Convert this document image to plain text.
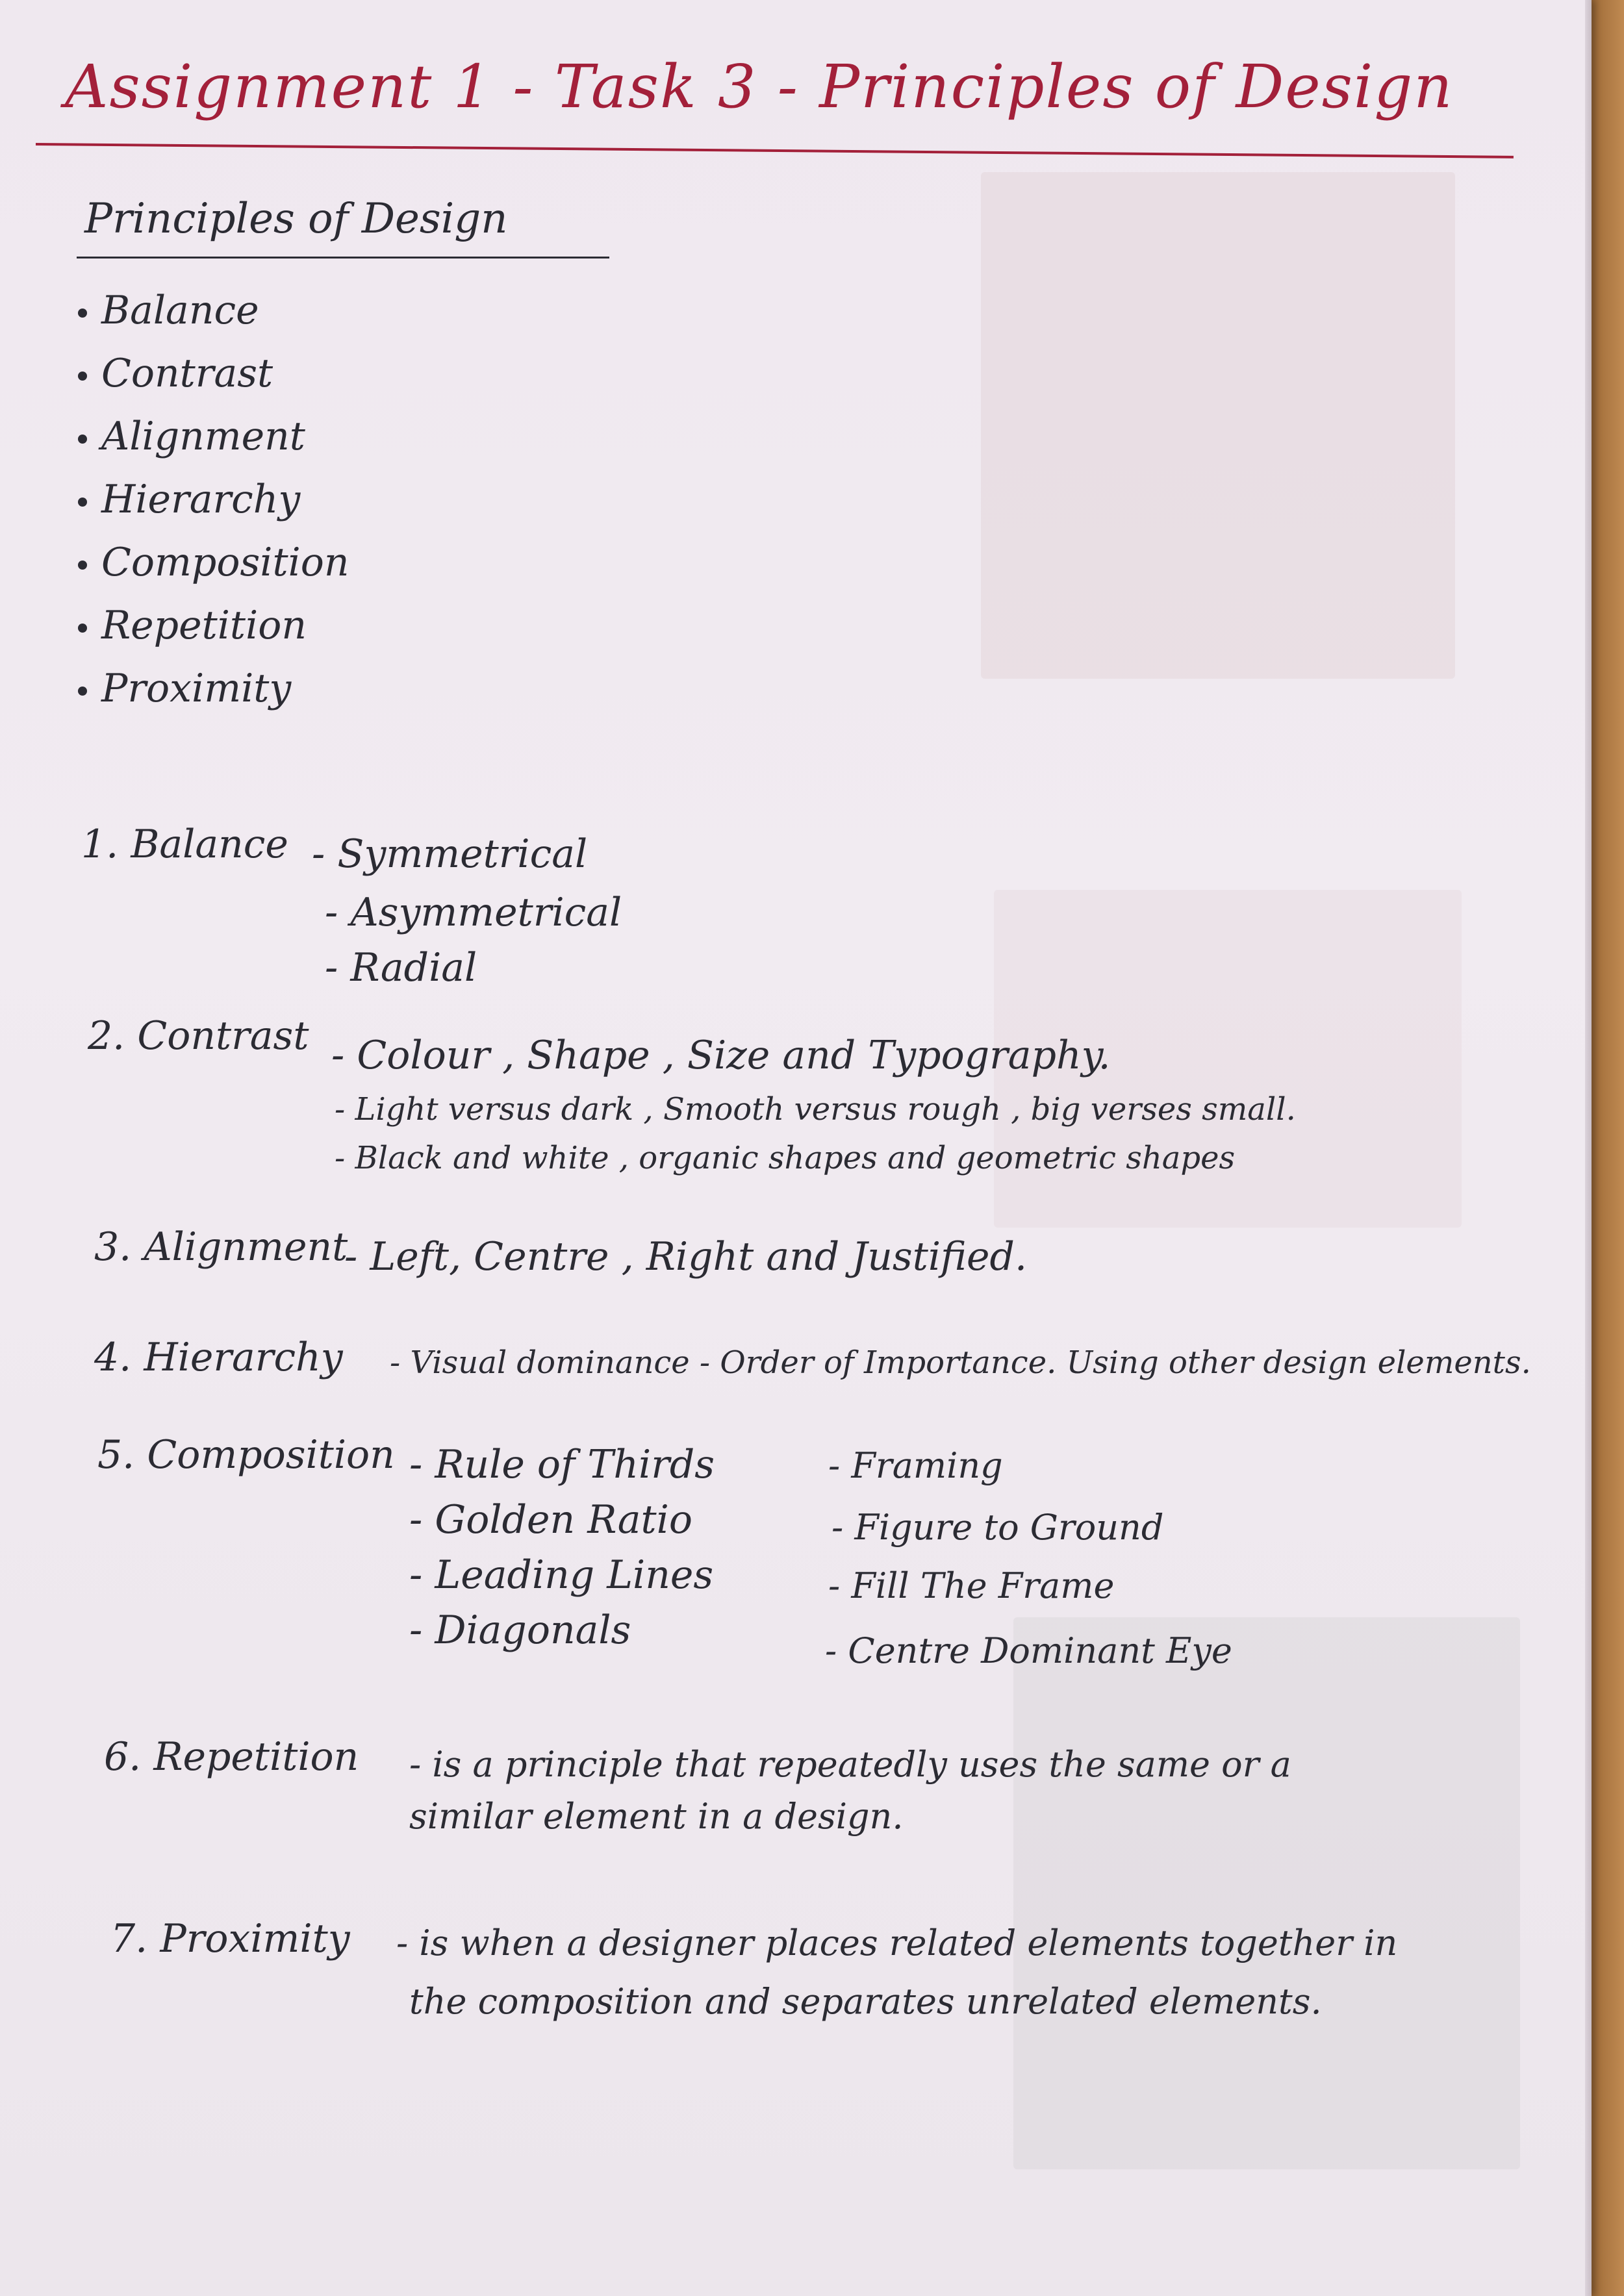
Assignment 1 - Task 3 - Principles of Design
Principles of Design
Balance
Contrast
Alignment
Hierarchy
Composition
Repetition
Proximity
1. Balance - Symmetrical
- Asymmetrical
- Radial
2. Contrast - Colour , Shape , Size and Typography.
- Light versus dark , Smooth versus rough , big verses small.
- Black and white , organic shapes and geometric shapes
3. Alignment
- Left, Centre , Right and Justified.
4. Hierarchy - Visual dominance - Order of Importance. Using other design elements.
5. Composition - Rule of Thirds
- Golden Ratio
- Leading Lines
- Diagonals
- Framing
- Figure to Ground
- Fill The Frame
- Centre Dominant Eye
6. Repetition - is a principle that repeatedly uses the same or a
similar element in a design.
7. Proximity - is when a designer places related elements together in
the composition and separates unrelated elements.
